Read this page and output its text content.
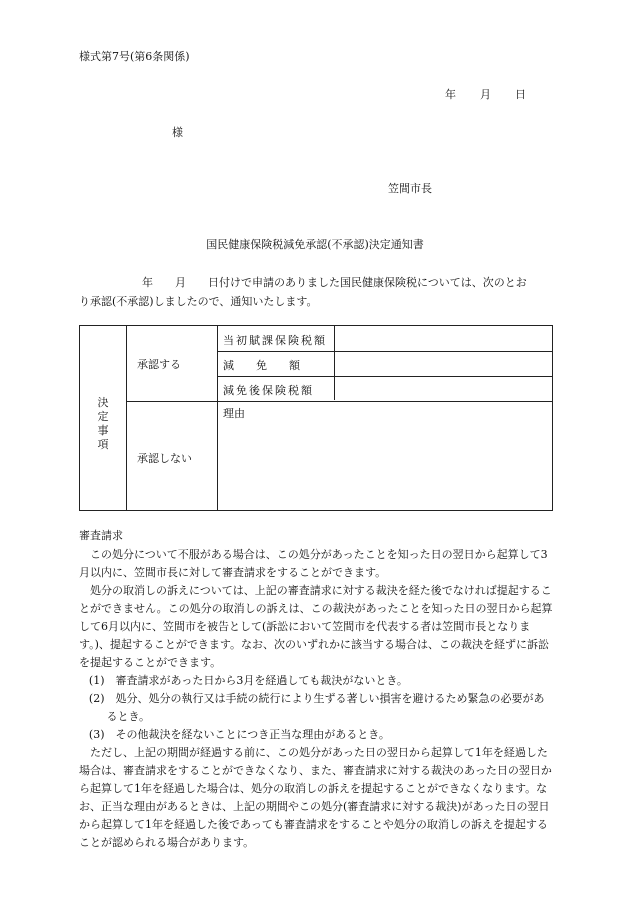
様式第7号(第6条関係)
年 月 日
様
笠間市長
国民健康保険税減免承認(不承認)決定通知書
年　　月　　日付けで申請のありました国民健康保険税については、次のとお
り承認(不承認)しましたので、通知いたします。
決
定
事
項
承認する
承認しない
当初賦課保険税額
減　　免　　額
減免後保険税額
理由
審査請求

この処分について不服がある場合は、この処分があったことを知った日の翌日から起算して3月以内に、笠間市長に対して審査請求をすることができます。

処分の取消しの訴えについては、上記の審査請求に対する裁決を経た後でなければ提起することができません。この処分の取消しの訴えは、この裁決があったことを知った日の翌日から起算して6月以内に、笠間市を被告として(訴訟において笠間市を代表する者は笠間市長となります。)、提起することができます。なお、次のいずれかに該当する場合は、この裁決を経ずに訴訟を提起することができます。

(1)　審査請求があった日から3月を経過しても裁決がないとき。

(2)　処分、処分の執行又は手続の続行により生ずる著しい損害を避けるため緊急の必要があるとき。

(3)　その他裁決を経ないことにつき正当な理由があるとき。

ただし、上記の期間が経過する前に、この処分があった日の翌日から起算して1年を経過した場合は、審査請求をすることができなくなり、また、審査請求に対する裁決のあった日の翌日から起算して1年を経過した場合は、処分の取消しの訴えを提起することができなくなります。なお、正当な理由があるときは、上記の期間やこの処分(審査請求に対する裁決)があった日の翌日から起算して1年を経過した後であっても審査請求をすることや処分の取消しの訴えを提起することが認められる場合があります。
